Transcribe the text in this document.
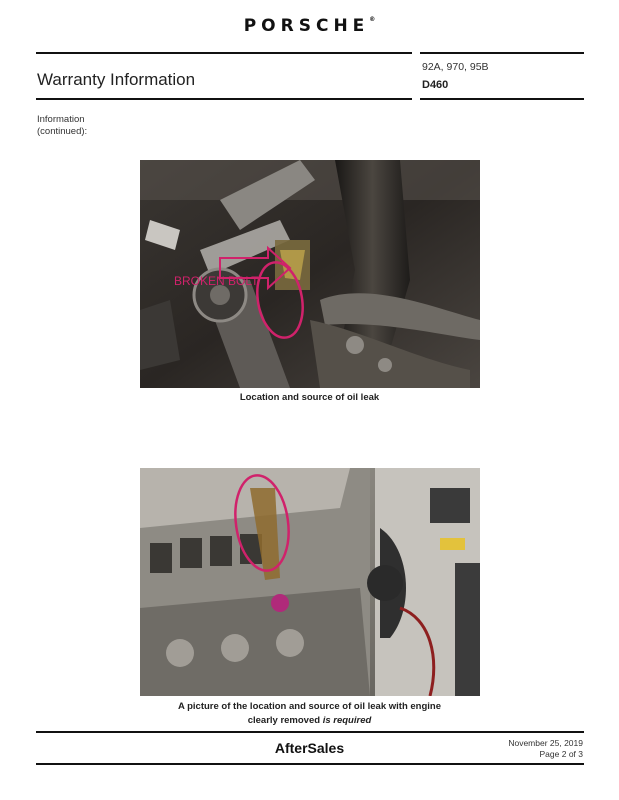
PORSCHE®
Warranty Information
92A, 970, 95B
D460
Information
(continued):
BROKEN BOLT
Location and source of oil leak
A picture of the location and source of oil leak with engine
clearly removed is required
AfterSales	November 25, 2019
Page 2 of 3
